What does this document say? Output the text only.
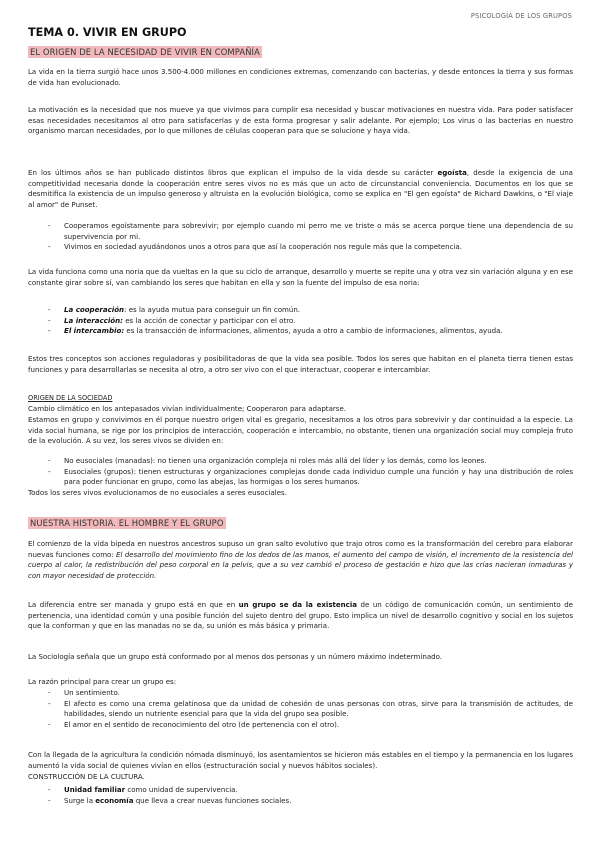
PSICOLOGÍA DE LOS GRUPOS
TEMA 0. VIVIR EN GRUPO
EL ORIGEN DE LA NECESIDAD DE VIVIR EN COMPAÑÍA

La vida en la tierra surgió hace unos 3.500-4.000 millones en condiciones extremas, comenzando con bacterias, y desde entonces la tierra y sus formas de vida han evolucionado.

La motivación es la necesidad que nos mueve ya que vivimos para cumplir esa necesidad y buscar motivaciones en nuestra vida. Para poder satisfacer esas necesidades necesitamos al otro para satisfacerlas y de esta forma progresar y salir adelante. Por ejemplo; Los virus o las bacterias en nuestro organismo marcan necesidades, por lo que millones de células cooperan para que se solucione y haya vida.

En los últimos años se han publicado distintos libros que explican el impulso de la vida desde su carácter egoísta, desde la exigencia de una competitividad necesaria donde la cooperación entre seres vivos no es más que un acto de circunstancial conveniencia. Documentos en los que se desmitifica la existencia de un impulso generoso y altruista en la evolución biológica, como se explica en "El gen egoísta" de Richard Dawkins, o "El viaje al amor" de Punset.

- Cooperamos egoístamente para sobrevivir; por ejemplo cuando mi perro me ve triste o más se acerca porque tiene una dependencia de su supervivencia por mi.
- Vivimos en sociedad ayudándonos unos a otros para que así la cooperación nos regule más que la competencia.

La vida funciona como una noria que da vueltas en la que su ciclo de arranque, desarrollo y muerte se repite una y otra vez sin variación alguna y en ese constante girar sobre sí, van cambiando los seres que habitan en ella y son la fuente del impulso de esa noria:

- La cooperación: es la ayuda mutua para conseguir un fin común.
- La interacción: es la acción de conectar y participar con el otro.
- El intercambio: es la transacción de informaciones, alimentos, ayuda a otro a cambio de informaciones, alimentos, ayuda.

Estos tres conceptos son acciones reguladoras y posibilitadoras de que la vida sea posible. Todos los seres que habitan en el planeta tierra tienen estas funciones y para desarrollarlas se necesita al otro, a otro ser vivo con el que interactuar, cooperar e intercambiar.

ORIGEN DE LA SOCIEDAD

Cambio climático en los antepasados vivían individualmente; Cooperaron para adaptarse.

Estamos en grupo y convivimos en él porque nuestro origen vital es gregario, necesitamos a los otros para sobrevivir y dar continuidad a la especie. La vida social humana, se rige por los principios de interacción, cooperación e intercambio, no obstante, tienen una organización social muy compleja fruto de la evolución. A su vez, los seres vivos se dividen en:

- No eusociales (manadas): no tienen una organización compleja ni roles más allá del líder y los demás, como los leones.
- Eusociales (grupos): tienen estructuras y organizaciones complejas donde cada individuo cumple una función y hay una distribución de roles para poder funcionar en grupo, como las abejas, las hormigas o los seres humanos.

Todos los seres vivos evolucionamos de no eusociales a seres eusociales.

NUESTRA HISTORIA. EL HOMBRE Y EL GRUPO

El comienzo de la vida bípeda en nuestros ancestros supuso un gran salto evolutivo que trajo otros como es la transformación del cerebro para elaborar nuevas funciones como: El desarrollo del movimiento fino de los dedos de las manos, el aumento del campo de visión, el incremento de la resistencia del cuerpo al calor, la redistribución del peso corporal en la pelvis, que a su vez cambió el proceso de gestación e hizo que las crías nacieran inmaduras y con mayor necesidad de protección.

La diferencia entre ser manada y grupo está en que en un grupo se da la existencia de un código de comunicación común, un sentimiento de pertenencia, una identidad común y una posible función del sujeto dentro del grupo. Esto implica un nivel de desarrollo cognitivo y social en los sujetos que la conforman y que en las manadas no se da, su unión es más básica y primaria.

La Sociología señala que un grupo está conformado por al menos dos personas y un número máximo indeterminado.

La razón principal para crear un grupo es:

- Un sentimiento.
- El afecto es como una crema gelatinosa que da unidad de cohesión de unas personas con otras, sirve para la transmisión de actitudes, de habilidades, siendo un nutriente esencial para que la vida del grupo sea posible.
- El amor en el sentido de reconocimiento del otro (de pertenencia con el otro).

Con la llegada de la agricultura la condición nómada disminuyó, los asentamientos se hicieron más estables en el tiempo y la permanencia en los lugares aumentó la vida social de quienes vivían en ellos (estructuración social y nuevos hábitos sociales).

CONSTRUCCIÓN DE LA CULTURA.

- Unidad familiar como unidad de supervivencia.
- Surge la economía que lleva a crear nuevas funciones sociales.
